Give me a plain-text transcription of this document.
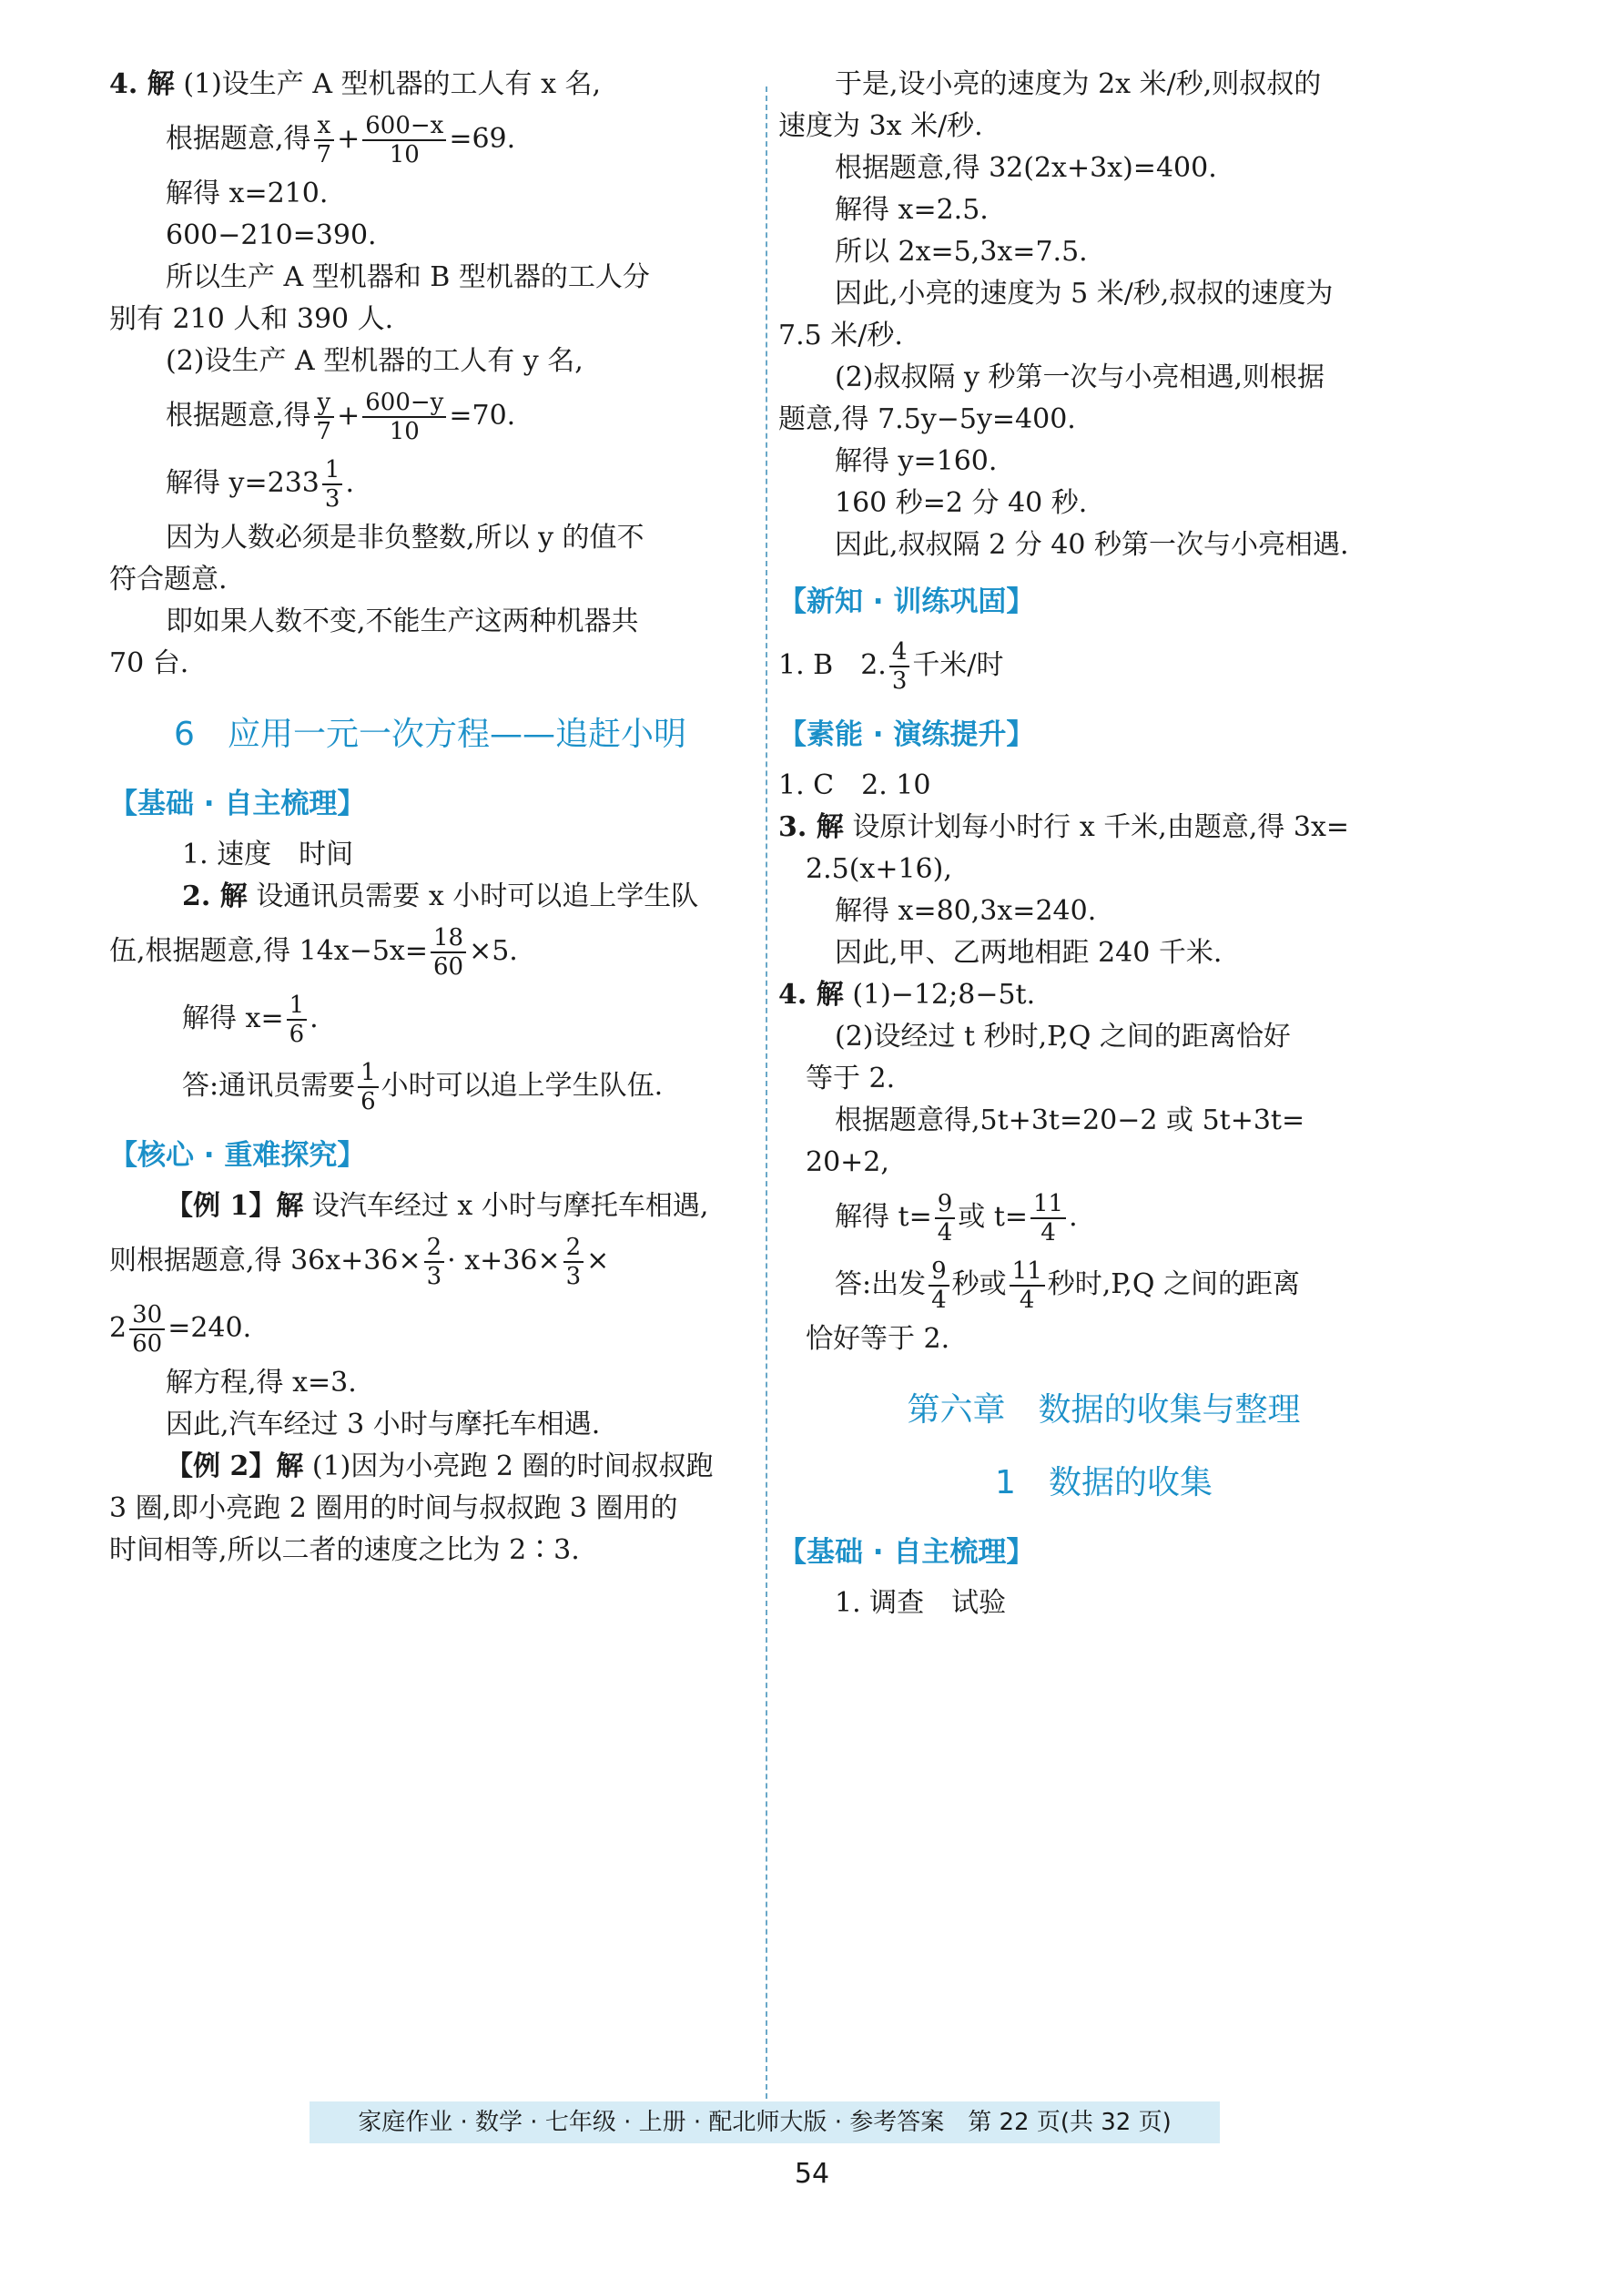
4. 解 (1)设生产 A 型机器的工人有 x 名,

根据题意,得 $\frac{x}{7} + \frac{600-x}{10} =69$.

解得 x=210.

600−210=390.

所以生产 A 型机器和 B 型机器的工人分

别有 210 人和 390 人.

(2)设生产 A 型机器的工人有 y 名,

根据题意,得 $\frac{y}{7} + \frac{600-y}{10} =70$.

解得 $y=233 \frac{1}{3}$ .

因为人数必须是非负整数,所以 y 的值不

符合题意.

即如果人数不变,不能生产这两种机器共

70 台.

6　应用一元一次方程——追赶小明
【基础 · 自主梳理】

1. 速度　时间

2. 解 设通讯员需要 x 小时可以追上学生队

伍,根据题意,得 $14x-5x= \frac{18}{60} \times 5$.

解得 $x= \frac{1}{6}$ .

答:通讯员需要 $\frac{1}{6}$ 小时可以追上学生队伍.

【核心 · 重难探究】

【例 1】解 设汽车经过 x 小时与摩托车相遇,

则根据题意,得 $36x+36\times \frac{2}{3} \cdot x+36\times \frac{2}{3}$ ×

$2 \frac{30}{60} =240$.

解方程,得 x=3.

因此,汽车经过 3 小时与摩托车相遇.

【例 2】解 (1)因为小亮跑 2 圈的时间叔叔跑

3 圈,即小亮跑 2 圈用的时间与叔叔跑 3 圈用的

时间相等,所以二者的速度之比为 2∶3.

于是,设小亮的速度为 2x 米/秒,则叔叔的

速度为 3x 米/秒.

根据题意,得 32(2x+3x)=400.

解得 x=2.5.

所以 2x=5,3x=7.5.

因此,小亮的速度为 5 米/秒,叔叔的速度为

7.5 米/秒.

(2)叔叔隔 y 秒第一次与小亮相遇,则根据

题意,得 7.5y−5y=400.

解得 y=160.

160 秒=2 分 40 秒.

因此,叔叔隔 2 分 40 秒第一次与小亮相遇.

【新知 · 训练巩固】

1. B　2. $\frac{4}{3}$ 千米/时

【素能 · 演练提升】

1. C　2. 10

3. 解 设原计划每小时行 x 千米,由题意,得 3x=

2.5(x+16),

解得 x=80,3x=240.

因此,甲、乙两地相距 240 千米.

4. 解 (1)−12;8−5t.

(2)设经过 t 秒时,P,Q 之间的距离恰好

等于 2.

根据题意得,5t+3t=20−2 或 5t+3t=

20+2,

解得 $t= \frac{9}{4}$ 或 $t= \frac{11}{4}$ .

答:出发 $\frac{9}{4}$ 秒或 $\frac{11}{4}$ 秒时,P,Q 之间的距离

恰好等于 2.

第六章　数据的收集与整理
1　数据的收集
【基础 · 自主梳理】

1. 调查　试验

家庭作业 · 数学 · 七年级 · 上册 · 配北师大版 · 参考答案　第 22 页(共 32 页)
54
